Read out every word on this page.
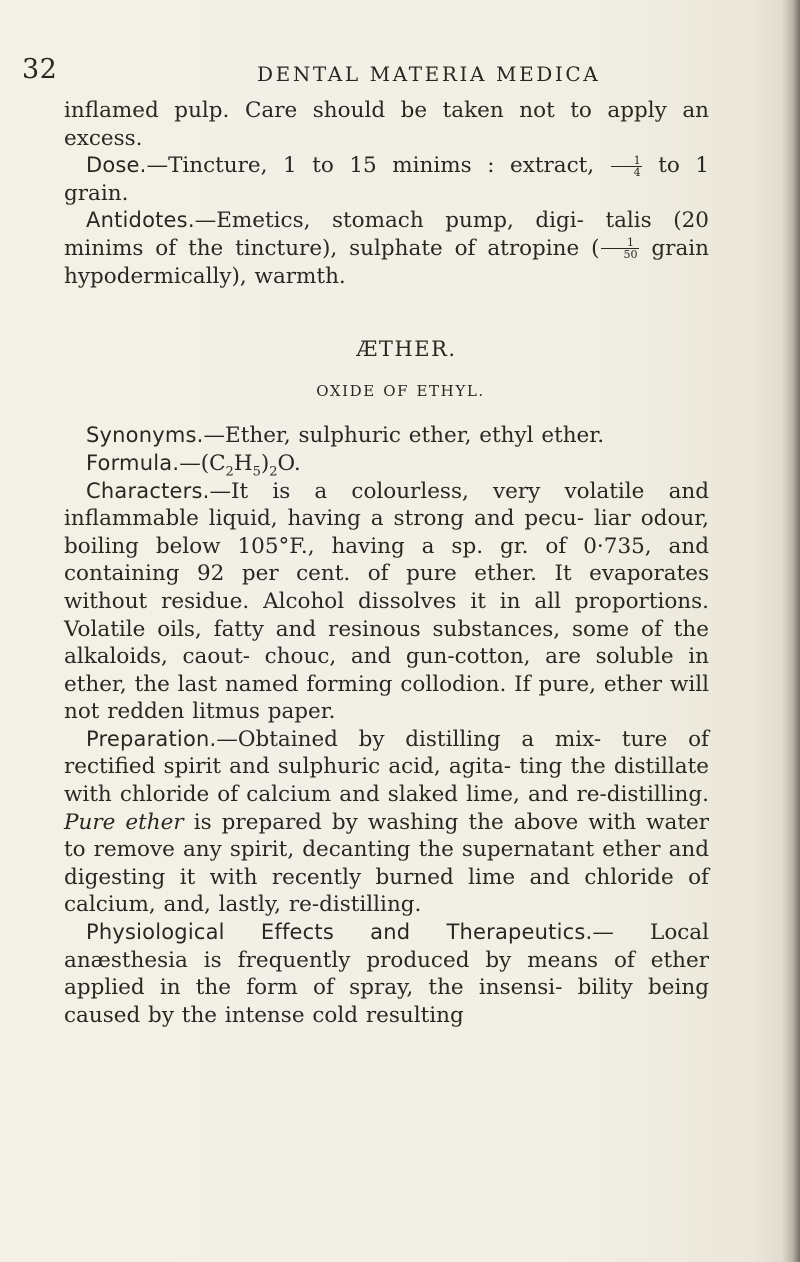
32	DENTAL MATERIA MEDICA

inflamed pulp. Care should be taken not to apply an excess.

Dose.—Tincture, 1 to 15 minims : extract, $\frac{1}{4}$ to 1 grain.

Antidotes.—Emetics, stomach pump, digi- talis (20 minims of the tincture), sulphate of atropine ( $\frac{1}{50}$ grain hypodermically), warmth.

ÆTHER.
OXIDE OF ETHYL.

Synonyms.—Ether, sulphuric ether, ethyl ether.

$Formula.—(C_2H_5)_2O$.

Characters.—It is a colourless, very volatile and inflammable liquid, having a strong and pecu- liar odour, boiling below 105°F., having a sp. gr. of 0·735, and containing 92 per cent. of pure ether. It evaporates without residue. Alcohol dissolves it in all proportions. Volatile oils, fatty and resinous substances, some of the alkaloids, caout- chouc, and gun-cotton, are soluble in ether, the last named forming collodion. If pure, ether will not redden litmus paper.

Preparation.—Obtained by distilling a mix- ture of rectified spirit and sulphuric acid, agita- ting the distillate with chloride of calcium and slaked lime, and re-distilling. Pure ether is prepared by washing the above with water to remove any spirit, decanting the supernatant ether and digesting it with recently burned lime and chloride of calcium, and, lastly, re-distilling.

Physiological Effects and Therapeutics.— Local anæsthesia is frequently produced by means of ether applied in the form of spray, the insensi- bility being caused by the intense cold resulting
